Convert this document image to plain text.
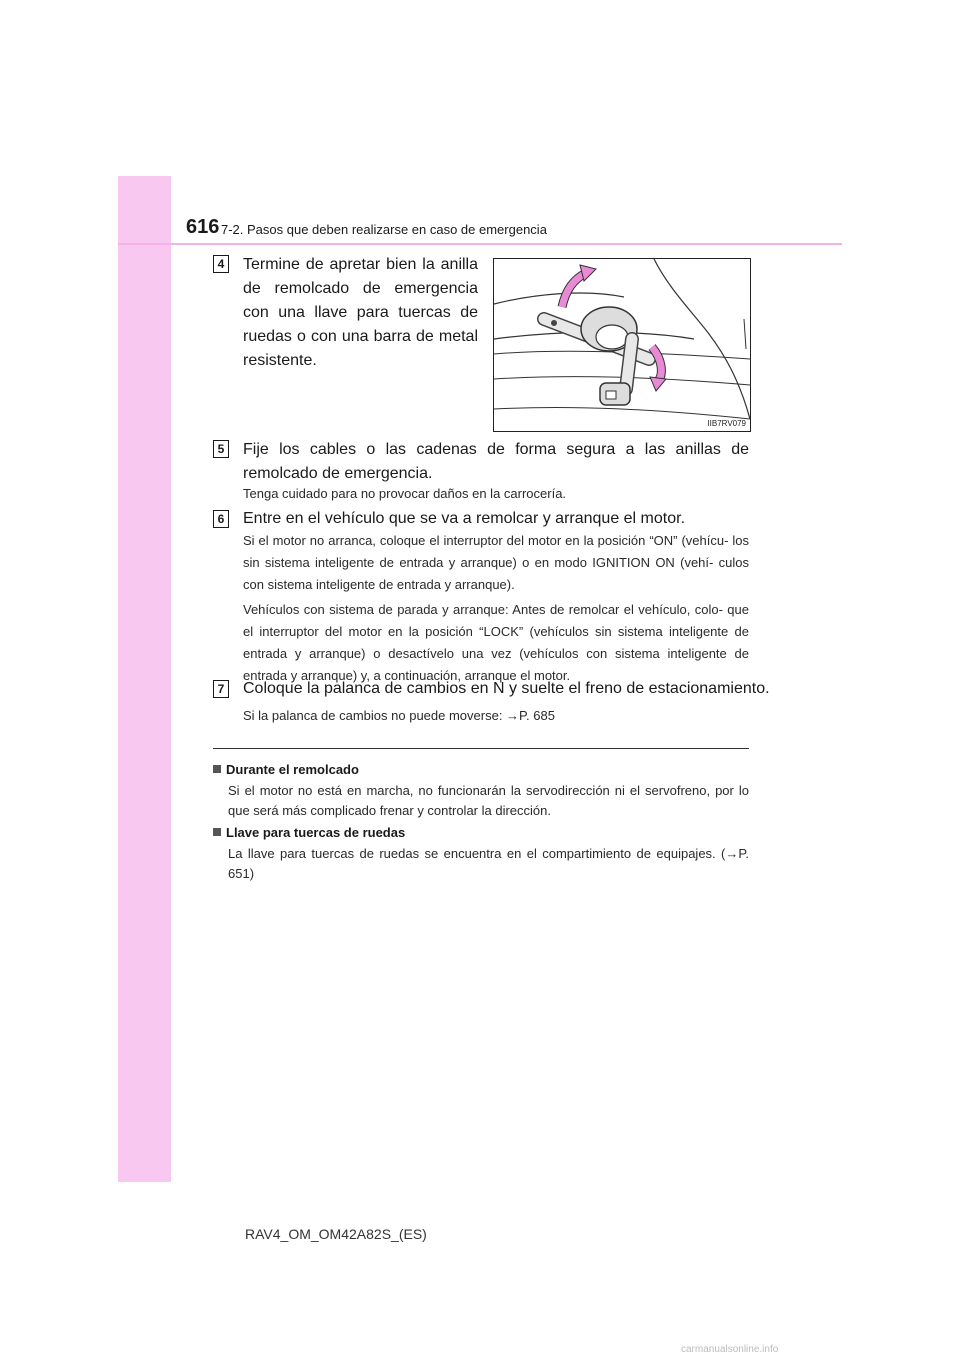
616 7-2. Pasos que deben realizarse en caso de emergencia
4 Termine de apretar bien la anilla de remolcado de emergencia con una llave para tuercas de ruedas o con una barra de metal resistente.
IIB7RV079
5 Fije los cables o las cadenas de forma segura a las anillas de remolcado de emergencia.
Tenga cuidado para no provocar daños en la carrocería.
6 Entre en el vehículo que se va a remolcar y arranque el motor.
Si el motor no arranca, coloque el interruptor del motor en la posición “ON” (vehícu- los sin sistema inteligente de entrada y arranque) o en modo IGNITION ON (vehí- culos con sistema inteligente de entrada y arranque).
Vehículos con sistema de parada y arranque: Antes de remolcar el vehículo, colo- que el interruptor del motor en la posición “LOCK” (vehículos sin sistema inteligente de entrada y arranque) o desactívelo una vez (vehículos con sistema inteligente de entrada y arranque) y, a continuación, arranque el motor.
7 Coloque la palanca de cambios en N y suelte el freno de estacionamiento.
Si la palanca de cambios no puede moverse: →P. 685
Durante el remolcado
Si el motor no está en marcha, no funcionarán la servodirección ni el servofreno, por lo que será más complicado frenar y controlar la dirección.
Llave para tuercas de ruedas
La llave para tuercas de ruedas se encuentra en el compartimiento de equipajes. (→P. 651)
RAV4_OM_OM42A82S_(ES)
carmanualsonline.info
